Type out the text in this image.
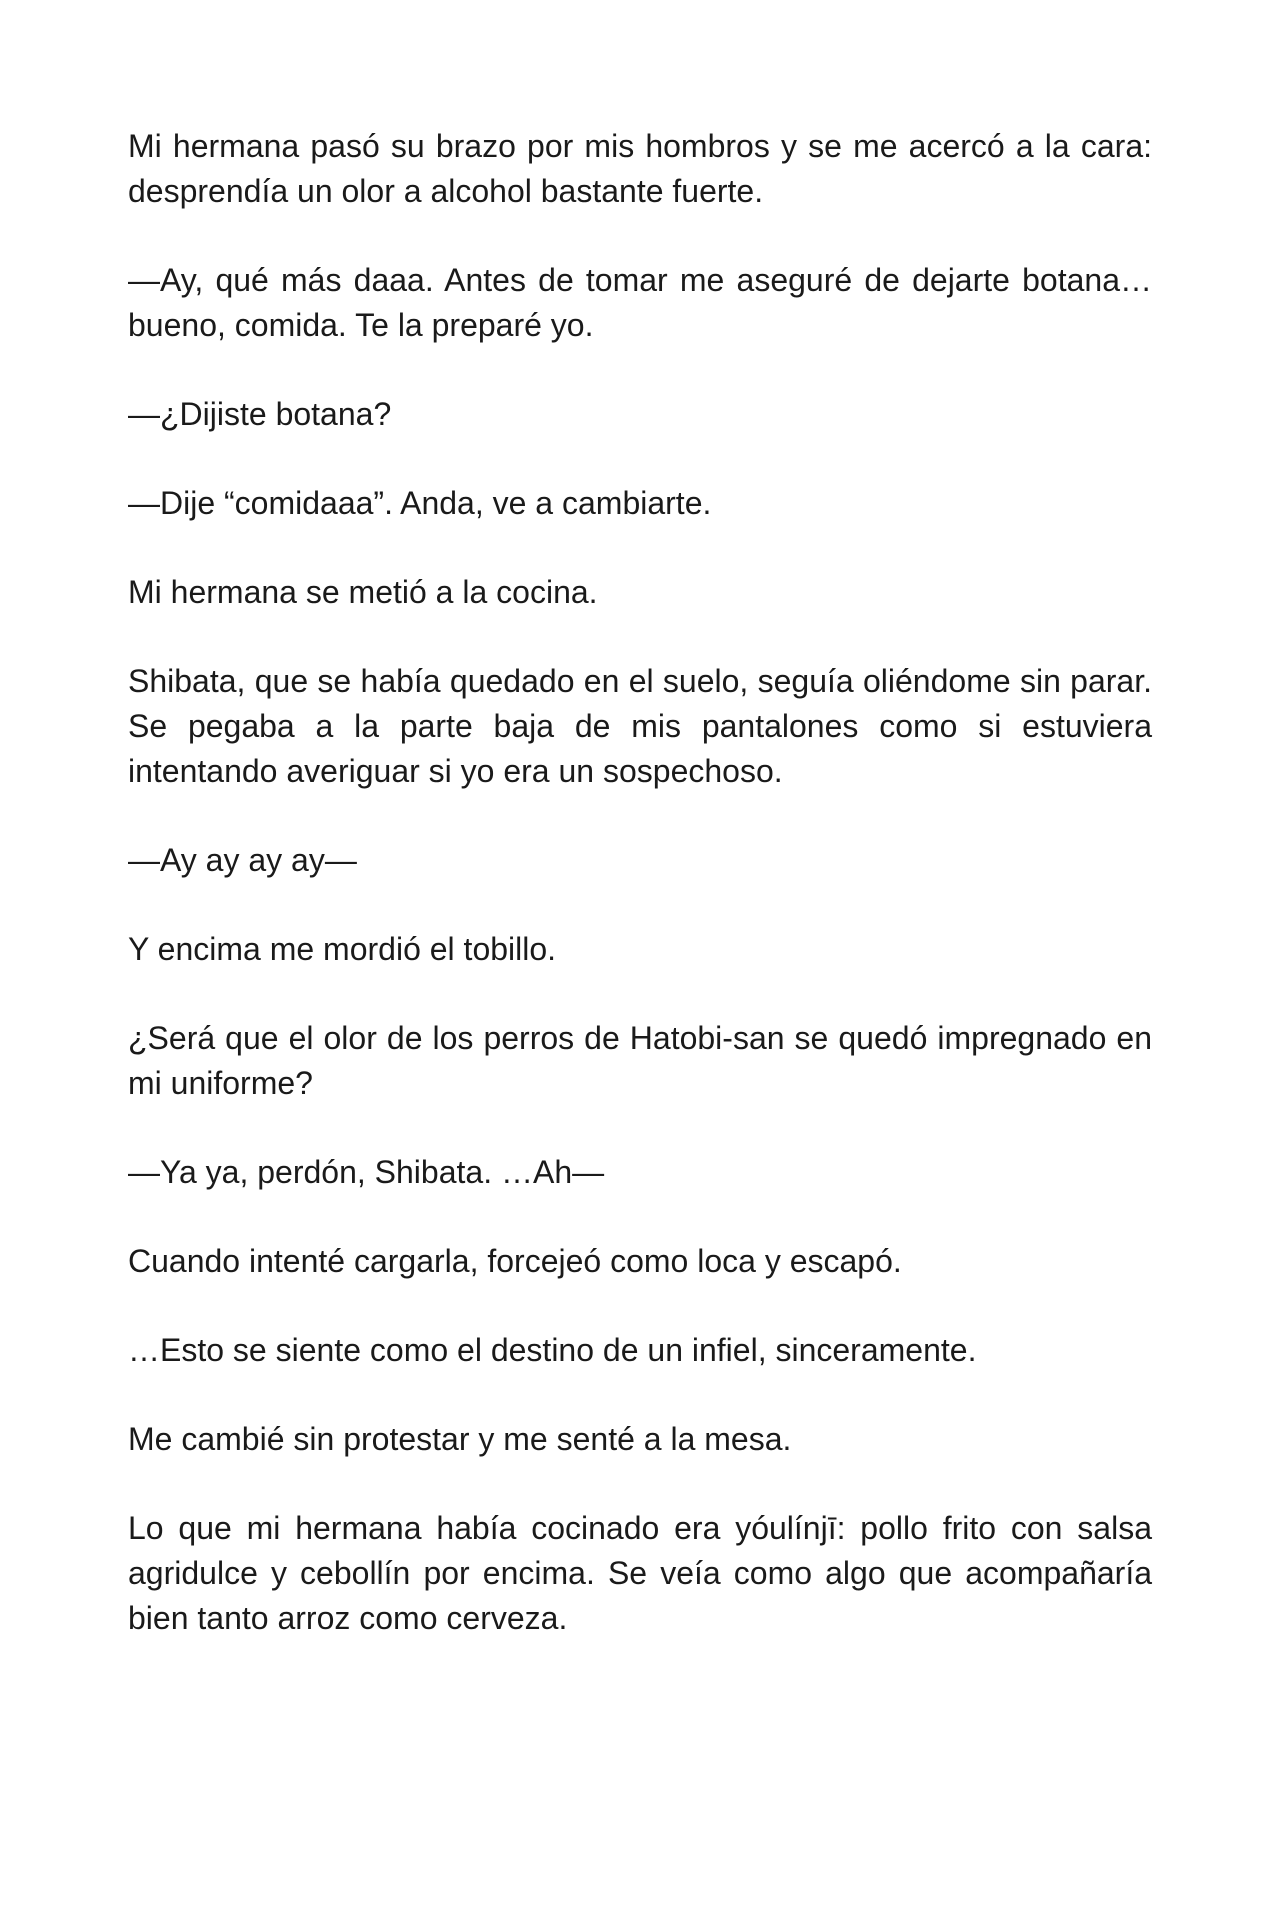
Mi hermana pasó su brazo por mis hombros y se me acercó a la cara: desprendía un olor a alcohol bastante fuerte.

—Ay, qué más daaa. Antes de tomar me aseguré de dejarte botana… bueno, comida. Te la preparé yo.

—¿Dijiste botana?

—Dije “comidaaa”. Anda, ve a cambiarte.

Mi hermana se metió a la cocina.

Shibata, que se había quedado en el suelo, seguía oliéndome sin parar. Se pegaba a la parte baja de mis pantalones como si estuviera intentando averiguar si yo era un sospechoso.

—Ay ay ay ay—

Y encima me mordió el tobillo.

¿Será que el olor de los perros de Hatobi-san se quedó impregnado en mi uniforme?

—Ya ya, perdón, Shibata. …Ah—

Cuando intenté cargarla, forcejeó como loca y escapó.

…Esto se siente como el destino de un infiel, sinceramente.

Me cambié sin protestar y me senté a la mesa.

Lo que mi hermana había cocinado era yóulínjī: pollo frito con salsa agridulce y cebollín por encima. Se veía como algo que acompañaría bien tanto arroz como cerveza.
